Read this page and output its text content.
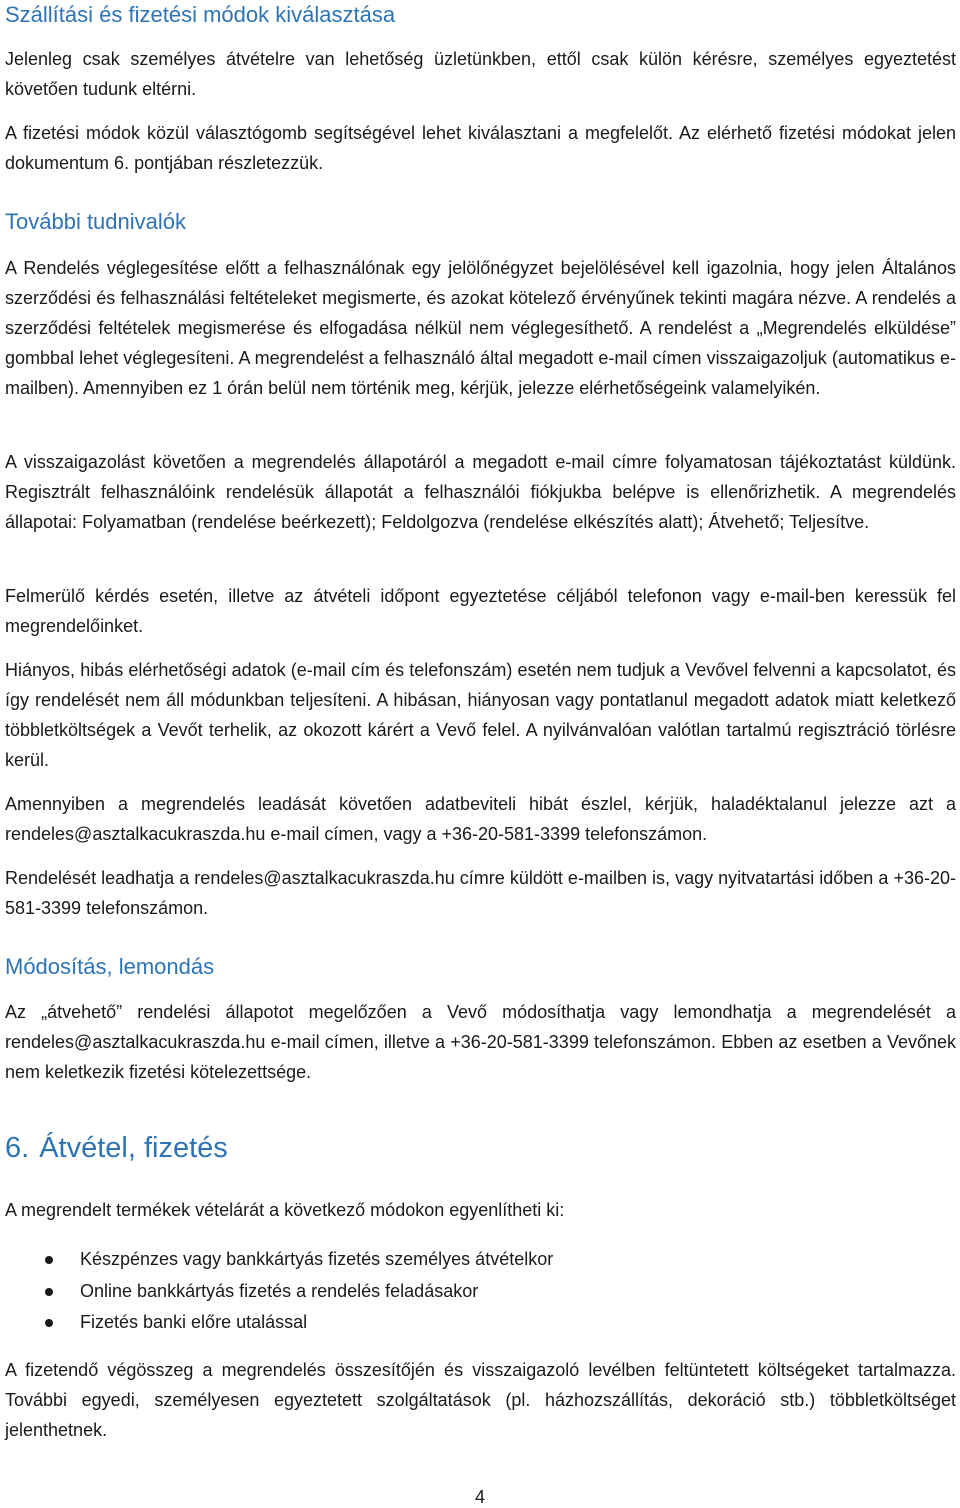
Szállítási és fizetési módok kiválasztása

Jelenleg csak személyes átvételre van lehetőség üzletünkben, ettől csak külön kérésre, személyes egyeztetést követően tudunk eltérni.

A fizetési módok közül választógomb segítségével lehet kiválasztani a megfelelőt. Az elérhető fizetési módokat jelen dokumentum 6. pontjában részletezzük.

További tudnivalók

A Rendelés véglegesítése előtt a felhasználónak egy jelölőnégyzet bejelölésével kell igazolnia, hogy jelen Általános szerződési és felhasználási feltételeket megismerte, és azokat kötelező érvényűnek tekinti magára nézve. A rendelés a szerződési feltételek megismerése és elfogadása nélkül nem véglegesíthető. A rendelést a „Megrendelés elküldése” gombbal lehet véglegesíteni. A megrendelést a felhasználó által megadott e-mail címen visszaigazoljuk (automatikus e-mailben). Amennyiben ez 1 órán belül nem történik meg, kérjük, jelezze elérhetőségeink valamelyikén.

A visszaigazolást követően a megrendelés állapotáról a megadott e-mail címre folyamatosan tájékoztatást küldünk. Regisztrált felhasználóink rendelésük állapotát a felhasználói fiókjukba belépve is ellenőrizhetik. A megrendelés állapotai: Folyamatban (rendelése beérkezett); Feldolgozva (rendelése elkészítés alatt); Átvehető; Teljesítve.

Felmerülő kérdés esetén, illetve az átvételi időpont egyeztetése céljából telefonon vagy e-mail-ben keressük fel megrendelőinket.

Hiányos, hibás elérhetőségi adatok (e-mail cím és telefonszám) esetén nem tudjuk a Vevővel felvenni a kapcsolatot, és így rendelését nem áll módunkban teljesíteni. A hibásan, hiányosan vagy pontatlanul megadott adatok miatt keletkező többletköltségek a Vevőt terhelik, az okozott kárért a Vevő felel. A nyilvánvalóan valótlan tartalmú regisztráció törlésre kerül.

Amennyiben a megrendelés leadását követően adatbeviteli hibát észlel, kérjük, haladéktalanul jelezze azt a rendeles@asztalkacukraszda.hu e-mail címen, vagy a +36-20-581-3399 telefonszámon.

Rendelését leadhatja a rendeles@asztalkacukraszda.hu címre küldött e-mailben is, vagy nyitvatartási időben a +36-20-581-3399 telefonszámon.

Módosítás, lemondás

Az „átvehető” rendelési állapotot megelőzően a Vevő módosíthatja vagy lemondhatja a megrendelését a rendeles@asztalkacukraszda.hu e-mail címen, illetve a +36-20-581-3399 telefonszámon. Ebben az esetben a Vevőnek nem keletkezik fizetési kötelezettsége.

6. Átvétel, fizetés

A megrendelt termékek vételárát a következő módokon egyenlítheti ki:

Készpénzes vagy bankkártyás fizetés személyes átvételkor
Online bankkártyás fizetés a rendelés feladásakor
Fizetés banki előre utalással

A fizetendő végösszeg a megrendelés összesítőjén és visszaigazoló levélben feltüntetett költségeket tartalmazza. További egyedi, személyesen egyeztetett szolgáltatások (pl. házhozszállítás, dekoráció stb.) többletköltséget jelenthetnek.

4
